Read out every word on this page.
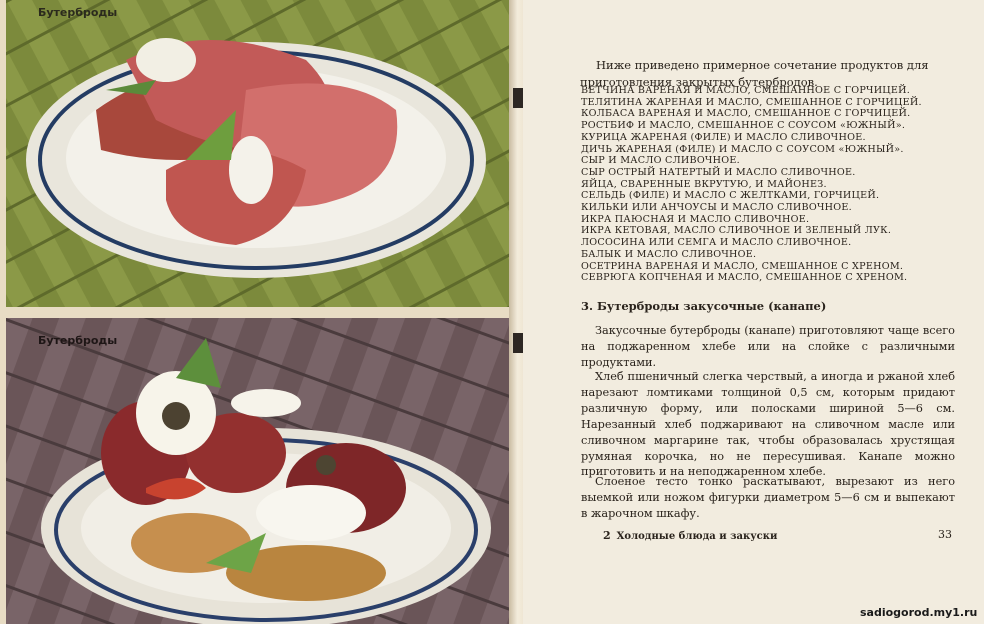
Бутерброды
Бутерброды

Ниже приведено примерное сочетание продуктов для приготовления закрытых бутербродов.

ВЕТЧИНА ВАРЕНАЯ И МАСЛО, СМЕШАННОЕ С ГОРЧИЦЕЙ.
ТЕЛЯТИНА ЖАРЕНАЯ И МАСЛО, СМЕШАННОЕ С ГОРЧИЦЕЙ.
КОЛБАСА ВАРЕНАЯ И МАСЛО, СМЕШАННОЕ С ГОРЧИЦЕЙ.
РОСТБИФ И МАСЛО, СМЕШАННОЕ С СОУСОМ «ЮЖНЫЙ».
КУРИЦА ЖАРЕНАЯ (ФИЛЕ) И МАСЛО СЛИВОЧНОЕ.
ДИЧЬ ЖАРЕНАЯ (ФИЛЕ) И МАСЛО С СОУСОМ «ЮЖНЫЙ».
СЫР И МАСЛО СЛИВОЧНОЕ.
СЫР ОСТРЫЙ НАТЕРТЫЙ И МАСЛО СЛИВОЧНОЕ.
ЯЙЦА, СВАРЕННЫЕ ВКРУТУЮ, И МАЙОНЕЗ.
СЕЛЬДЬ (ФИЛЕ) И МАСЛО С ЖЕЛТКАМИ, ГОРЧИЦЕЙ.
КИЛЬКИ ИЛИ АНЧОУСЫ И МАСЛО СЛИВОЧНОЕ.
ИКРА ПАЮСНАЯ И МАСЛО СЛИВОЧНОЕ.
ИКРА КЕТОВАЯ, МАСЛО СЛИВОЧНОЕ И ЗЕЛЕНЫЙ ЛУК.
ЛОСОСИНА ИЛИ СЕМГА И МАСЛО СЛИВОЧНОЕ.
БАЛЫК И МАСЛО СЛИВОЧНОЕ.
ОСЕТРИНА ВАРЕНАЯ И МАСЛО, СМЕШАННОЕ С ХРЕНОМ.
СЕВРЮГА КОПЧЕНАЯ И МАСЛО, СМЕШАННОЕ С ХРЕНОМ.
3. Бутерброды закусочные (канапе)

Закусочные бутерброды (канапе) приготовляют чаще всего на поджаренном хлебе или на слойке с различными продуктами.

Хлеб пшеничный слегка черствый, а иногда и ржаной хлеб нарезают ломтиками толщиной 0,5 см, которым придают различную форму, или полосками шириной 5—6 см. Нарезанный хлеб поджаривают на сливочном масле или сливочном маргарине так, чтобы образовалась хрустящая румяная корочка, но не пересушивая. Канапе можно приготовить и на неподжаренном хлебе.

Слоеное тесто тонко раскатывают, вырезают из него выемкой или ножом фигурки диаметром 5—6 см и выпекают в жарочном шкафу.

2 Холодные блюда и закуски	33
sadiogorod.my1.ru
